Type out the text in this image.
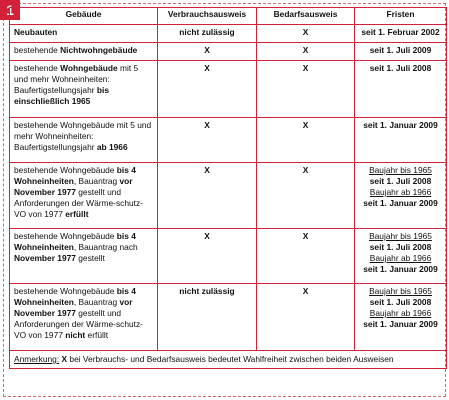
1	Gebäude	Verbrauchsausweis	Bedarfsausweis	Fristen
Neubauten	nicht zulässig	X	seit 1. Februar 2002

bestehende Nichtwohngebäude	X	X	seit 1. Juli 2009

bestehende Wohngebäude mit 5 und mehr Wohneinheiten: Baufertigstellungsjahr bis einschließlich 1965	X	X	seit 1. Juli 2008

bestehende Wohngebäude mit 5 und mehr Wohneinheiten: Baufertigstellungsjahr ab 1966	X	X	seit 1. Januar 2009

bestehende Wohngebäude bis 4 Wohneinheiten, Bauantrag vor November 1977 gestellt und Anforderungen der Wärme-schutz-VO von 1977 erfüllt	X	X	Baujahr bis 1965
seit 1. Juli 2008
Baujahr ab 1966
seit 1. Januar 2009

bestehende Wohngebäude bis 4 Wohneinheiten, Bauantrag nach November 1977 gestellt	X	X	Baujahr bis 1965
seit 1. Juli 2008
Baujahr ab 1966
seit 1. Januar 2009

bestehende Wohngebäude bis 4 Wohneinheiten, Bauantrag vor November 1977 gestellt und Anforderungen der Wärme-schutz-VO von 1977 nicht erfüllt	nicht zulässig	X	Baujahr bis 1965
seit 1. Juli 2008
Baujahr ab 1966
seit 1. Januar 2009

Anmerkung: X bei Verbrauchs- und Bedarfsausweis bedeutet Wahlfreiheit zwischen beiden Ausweisen			
